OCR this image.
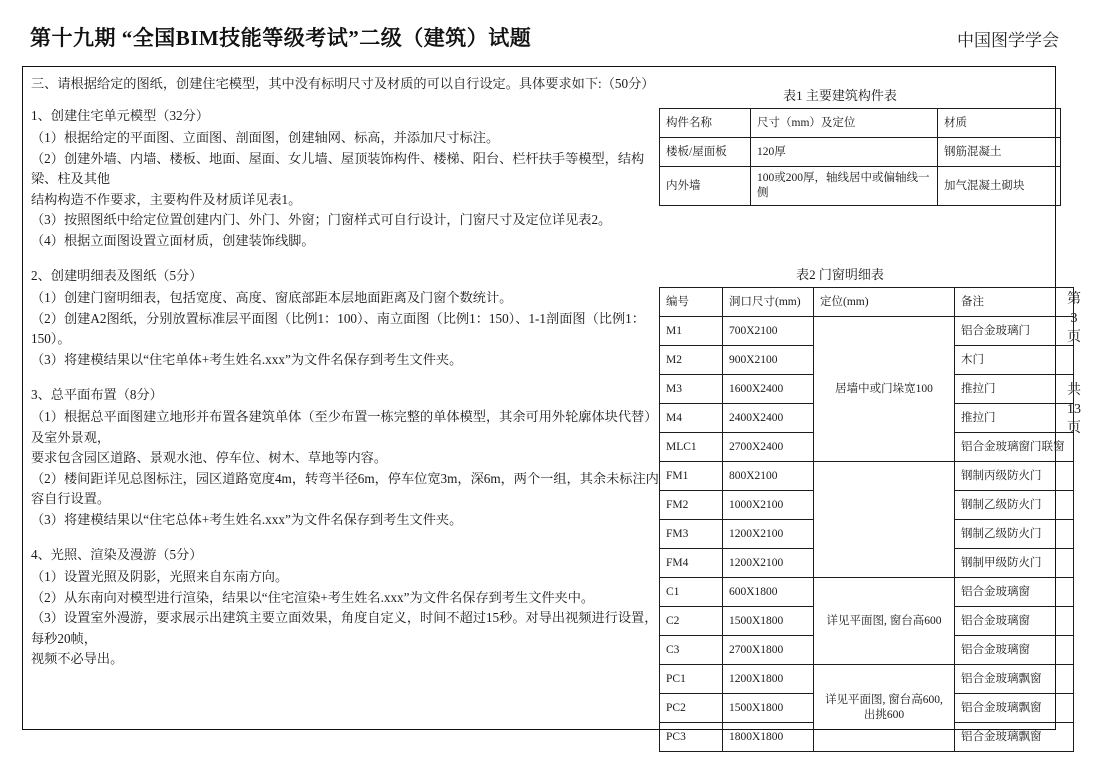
第十九期 “全国BIM技能等级考试”二级（建筑）试题	中国图学学会
三、请根据给定的图纸，创建住宅模型，其中没有标明尺寸及材质的可以自行设定。具体要求如下:（50分）
1、创建住宅单元模型（32分）

（1）根据给定的平面图、立面图、剖面图，创建轴网、标高，并添加尺寸标注。

（2）创建外墙、内墙、楼板、地面、屋面、女儿墙、屋顶装饰构件、楼梯、阳台、栏杆扶手等模型，结构梁、柱及其他

结构构造不作要求，主要构件及材质详见表1。

（3）按照图纸中给定位置创建内门、外门、外窗；门窗样式可自行设计，门窗尺寸及定位详见表2。

（4）根据立面图设置立面材质，创建装饰线脚。

2、创建明细表及图纸（5分）

（1）创建门窗明细表，包括宽度、高度、窗底部距本层地面距离及门窗个数统计。

（2）创建A2图纸，分别放置标准层平面图（比例1：100）、南立面图（比例1：150）、1-1剖面图（比例1：150）。

（3）将建模结果以“住宅单体+考生姓名.xxx”为文件名保存到考生文件夹。

3、总平面布置（8分）

（1）根据总平面图建立地形并布置各建筑单体（至少布置一栋完整的单体模型，其余可用外轮廓体块代替）及室外景观，

要求包含园区道路、景观水池、停车位、树木、草地等内容。

（2）楼间距详见总图标注，园区道路宽度4m，转弯半径6m，停车位宽3m，深6m，两个一组，其余未标注内容自行设置。

（3）将建模结果以“住宅总体+考生姓名.xxx”为文件名保存到考生文件夹。

4、光照、渲染及漫游（5分）

（1）设置光照及阴影，光照来自东南方向。

（2）从东南向对模型进行渲染，结果以“住宅渲染+考生姓名.xxx”为文件名保存到考生文件夹中。

（3）设置室外漫游，要求展示出建筑主要立面效果，角度自定义，时间不超过15秒。对导出视频进行设置，每秒20帧，

视频不必导出。

表1 主要建筑构件表
构件名称	尺寸（mm）及定位	材质
楼板/屋面板	120厚	钢筋混凝土
内外墙	100或200厚，轴线居中或偏轴线一侧	加气混凝土砌块
表2 门窗明细表
编号	洞口尺寸(mm)	定位(mm)	备注
M1	700X2100	居墙中或门垛宽100	铝合金玻璃门
M2	900X2100		木门
M3	1600X2400		推拉门
M4	2400X2400		推拉门
MLC1	2700X2400		铝合金玻璃窗门联窗
FM1	800X2100		钢制丙级防火门
FM2	1000X2100		钢制乙级防火门
FM3	1200X2100		钢制乙级防火门
FM4	1200X2100		钢制甲级防火门
C1	600X1800	详见平面图, 窗台高600	铝合金玻璃窗
C2	1500X1800		铝合金玻璃窗
C3	2700X1800		铝合金玻璃窗
PC1	1200X1800	详见平面图, 窗台高600, 出挑600	铝合金玻璃飘窗
PC2	1500X1800		铝合金玻璃飘窗
PC3	1800X1800		铝合金玻璃飘窗
第
3
页
共
13
页
